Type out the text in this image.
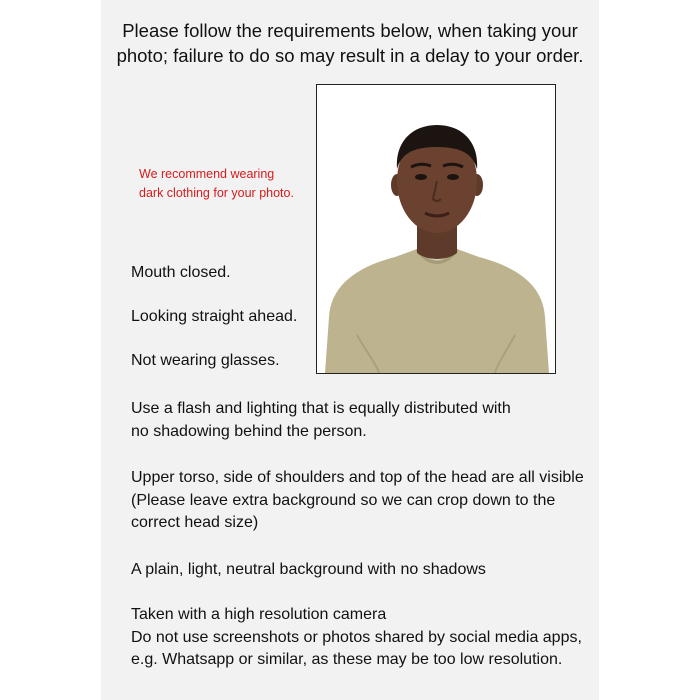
Please follow the requirements below, when taking your
photo; failure to do so may result in a delay to your order.
We recommend wearing
dark clothing for your photo.
Mouth closed.
Looking straight ahead.
Not wearing glasses.
Use a flash and lighting that is equally distributed with
no shadowing behind the person.
Upper torso, side of shoulders and top of the head are all visible
(Please leave extra background so we can crop down to the
correct head size)
A plain, light, neutral background with no shadows
Taken with a high resolution camera
Do not use screenshots or photos shared by social media apps,
e.g. Whatsapp or similar, as these may be too low resolution.
